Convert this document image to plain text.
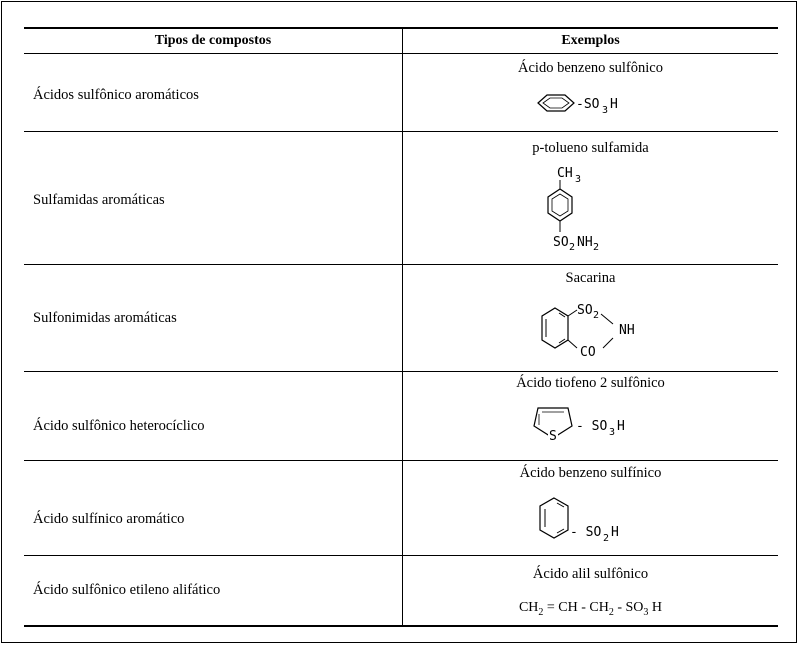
Tipos de compostos	Exemplos
Ácidos sulfônico aromáticos
Ácido benzeno sulfônico
-SO 3 H
Sulfamidas aromáticas
p-tolueno sulfamida
CH 3
SO 2 NH 2
Sulfonimidas aromáticas
Sacarina
SO 2
NH
CO
Ácido sulfônico heterocíclico
Ácido tiofeno 2 sulfônico
S
- SO 3 H
Ácido sulfínico aromático
Ácido benzeno sulfínico
- SO 2 H
Ácido sulfônico etileno alifático
Ácido alil sulfônico
$CH_2$ = CH - $CH_2 - SO_3$ H
